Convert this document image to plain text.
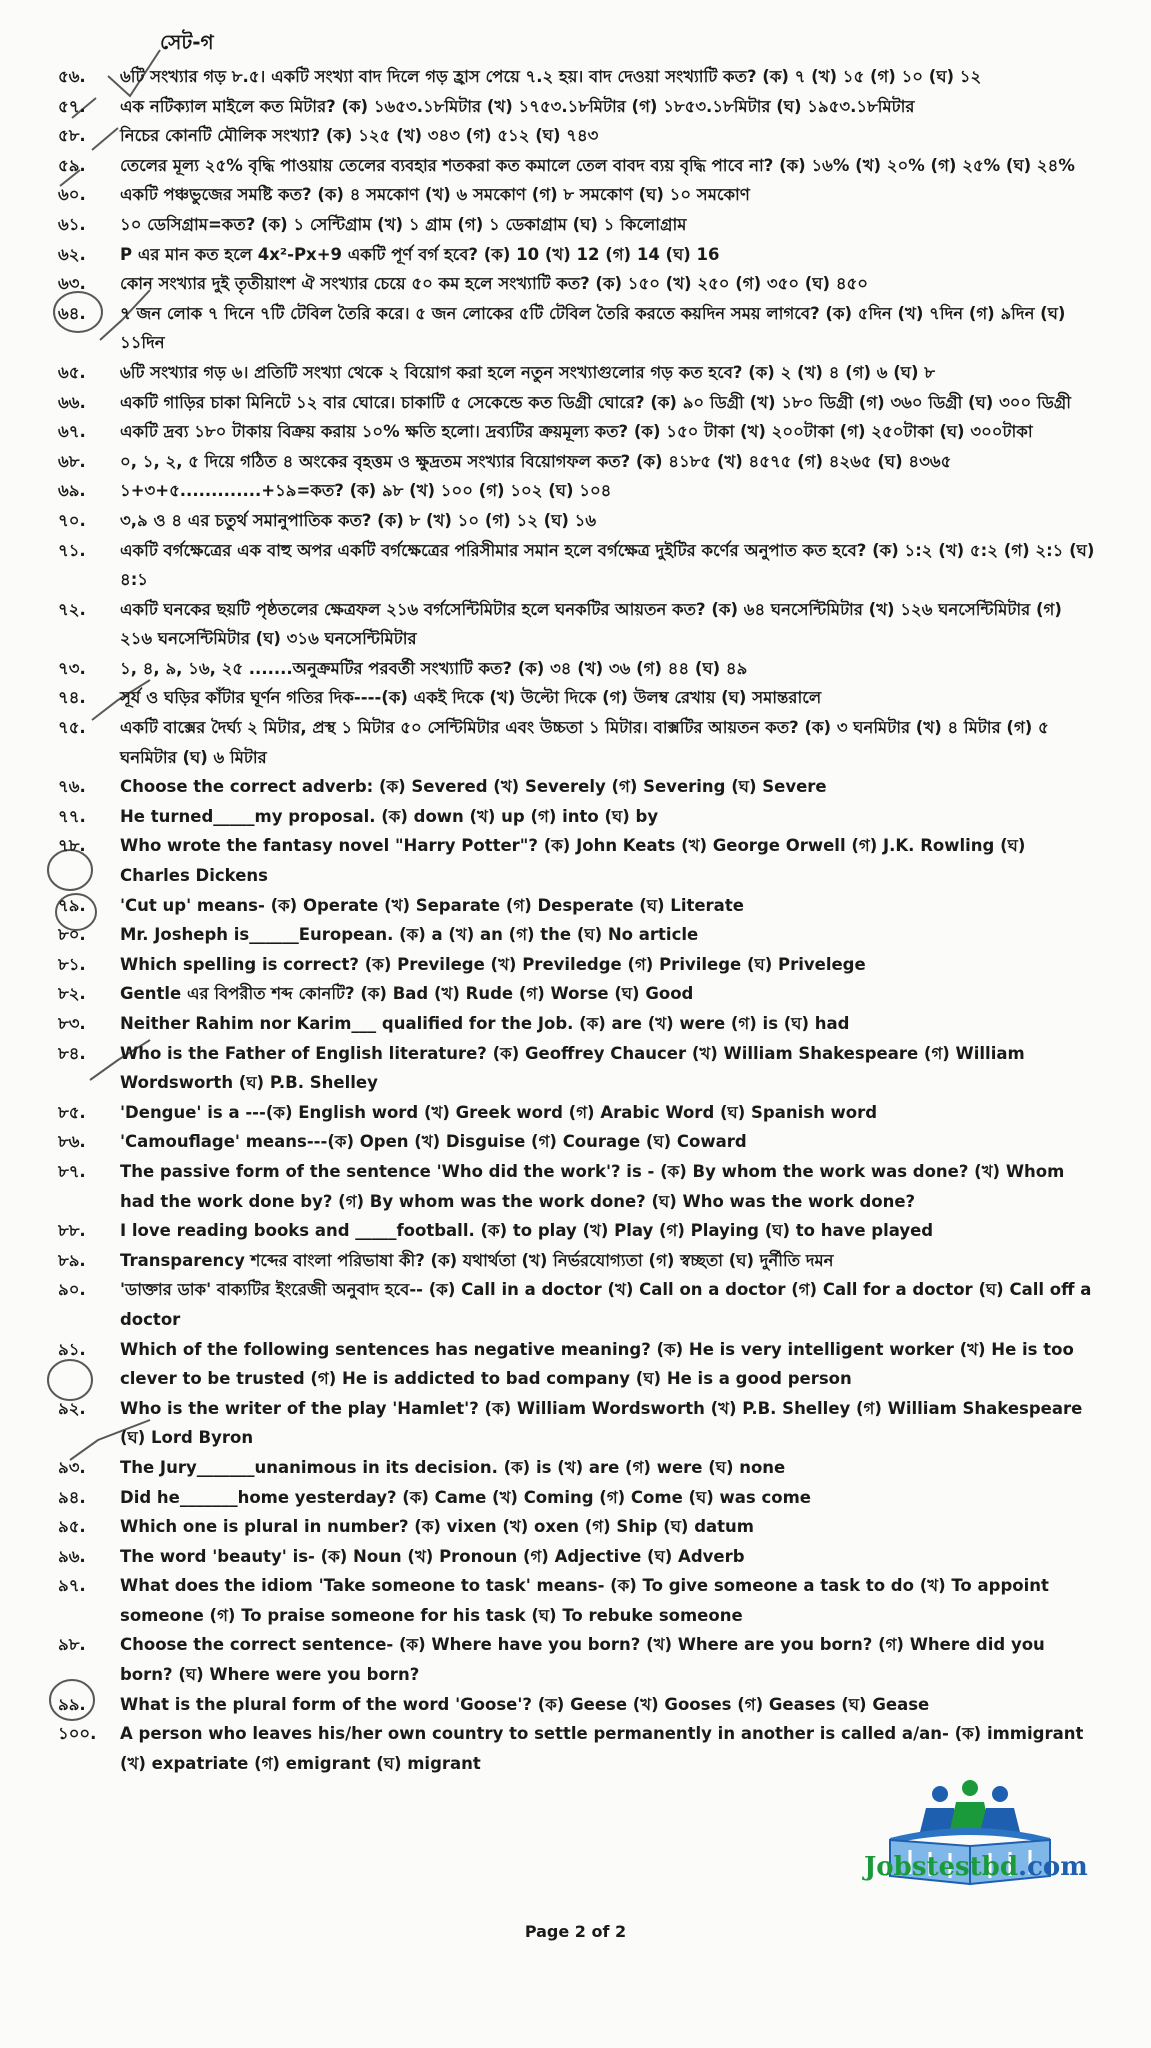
সেট-গ
৫৬.	৬টি সংখ্যার গড় ৮.৫। একটি সংখ্যা বাদ দিলে গড় হ্রাস পেয়ে ৭.২ হয়। বাদ দেওয়া সংখ্যাটি কত? (ক) ৭ (খ) ১৫ (গ) ১০ (ঘ) ১২
৫৭.	এক নটিক্যাল মাইলে কত মিটার? (ক) ১৬৫৩.১৮মিটার (খ) ১৭৫৩.১৮মিটার (গ) ১৮৫৩.১৮মিটার (ঘ) ১৯৫৩.১৮মিটার
৫৮.	নিচের কোনটি মৌলিক সংখ্যা? (ক) ১২৫ (খ) ৩৪৩ (গ) ৫১২ (ঘ) ৭৪৩
৫৯.	তেলের মূল্য ২৫% বৃদ্ধি পাওয়ায় তেলের ব্যবহার শতকরা কত কমালে তেল বাবদ ব্যয় বৃদ্ধি পাবে না? (ক) ১৬% (খ) ২০% (গ) ২৫% (ঘ) ২৪%
৬০.	একটি পঞ্চভুজের সমষ্টি কত? (ক) ৪ সমকোণ (খ) ৬ সমকোণ (গ) ৮ সমকোণ (ঘ) ১০ সমকোণ
৬১.	১০ ডেসিগ্রাম=কত? (ক) ১ সেন্টিগ্রাম (খ) ১ গ্রাম (গ) ১ ডেকাগ্রাম (ঘ) ১ কিলোগ্রাম
৬২.	P এর মান কত হলে 4x²-Px+9 একটি পূর্ণ বর্গ হবে? (ক) 10 (খ) 12 (গ) 14 (ঘ) 16
৬৩.	কোন সংখ্যার দুই তৃতীয়াংশ ঐ সংখ্যার চেয়ে ৫০ কম হলে সংখ্যাটি কত? (ক) ১৫০ (খ) ২৫০ (গ) ৩৫০ (ঘ) ৪৫০
৬৪.	৭ জন লোক ৭ দিনে ৭টি টেবিল তৈরি করে। ৫ জন লোকের ৫টি টেবিল তৈরি করতে কয়দিন সময় লাগবে? (ক) ৫দিন (খ) ৭দিন (গ) ৯দিন (ঘ) ১১দিন
৬৫.	৬টি সংখ্যার গড় ৬। প্রতিটি সংখ্যা থেকে ২ বিয়োগ করা হলে নতুন সংখ্যাগুলোর গড় কত হবে? (ক) ২ (খ) ৪ (গ) ৬ (ঘ) ৮
৬৬.	একটি গাড়ির চাকা মিনিটে ১২ বার ঘোরে। চাকাটি ৫ সেকেন্ডে কত ডিগ্রী ঘোরে? (ক) ৯০ ডিগ্রী (খ) ১৮০ ডিগ্রী (গ) ৩৬০ ডিগ্রী (ঘ) ৩০০ ডিগ্রী
৬৭.	একটি দ্রব্য ১৮০ টাকায় বিক্রয় করায় ১০% ক্ষতি হলো। দ্রব্যটির ক্রয়মূল্য কত? (ক) ১৫০ টাকা (খ) ২০০টাকা (গ) ২৫০টাকা (ঘ) ৩০০টাকা
৬৮.	০, ১, ২, ৫ দিয়ে গঠিত ৪ অংকের বৃহত্তম ও ক্ষুদ্রতম সংখ্যার বিয়োগফল কত? (ক) ৪১৮৫ (খ) ৪৫৭৫ (গ) ৪২৬৫ (ঘ) ৪৩৬৫
৬৯.	১+৩+৫.............+১৯=কত? (ক) ৯৮ (খ) ১০০ (গ) ১০২ (ঘ) ১০৪
৭০.	৩,৯ ও ৪ এর চতুর্থ সমানুপাতিক কত? (ক) ৮ (খ) ১০ (গ) ১২ (ঘ) ১৬
৭১.	একটি বর্গক্ষেত্রের এক বাহু অপর একটি বর্গক্ষেত্রের পরিসীমার সমান হলে বর্গক্ষেত্র দুইটির কর্ণের অনুপাত কত হবে? (ক) ১:২ (খ) ৫:২ (গ) ২:১ (ঘ) ৪:১
৭২.	একটি ঘনকের ছয়টি পৃষ্ঠতলের ক্ষেত্রফল ২১৬ বর্গসেন্টিমিটার হলে ঘনকটির আয়তন কত? (ক) ৬৪ ঘনসেন্টিমিটার (খ) ১২৬ ঘনসেন্টিমিটার (গ) ২১৬ ঘনসেন্টিমিটার (ঘ) ৩১৬ ঘনসেন্টিমিটার
৭৩.	১, ৪, ৯, ১৬, ২৫ .......অনুক্রমটির পরবর্তী সংখ্যাটি কত? (ক) ৩৪ (খ) ৩৬ (গ) ৪৪ (ঘ) ৪৯
৭৪.	সূর্য ও ঘড়ির কাঁটার ঘূর্ণন গতির দিক----(ক) একই দিকে (খ) উল্টো দিকে (গ) উলম্ব রেখায় (ঘ) সমান্তরালে
৭৫.	একটি বাক্সের দৈর্ঘ্য ২ মিটার, প্রস্থ ১ মিটার ৫০ সেন্টিমিটার এবং উচ্চতা ১ মিটার। বাক্সটির আয়তন কত? (ক) ৩ ঘনমিটার (খ) ৪ মিটার (গ) ৫ ঘনমিটার (ঘ) ৬ মিটার
৭৬.	Choose the correct adverb: (ক) Severed (খ) Severely (গ) Severing (ঘ) Severe
৭৭.	He turned_____my proposal. (ক) down (খ) up (গ) into (ঘ) by
৭৮.	Who wrote the fantasy novel "Harry Potter"? (ক) John Keats (খ) George Orwell (গ) J.K. Rowling (ঘ) Charles Dickens
৭৯.	'Cut up' means- (ক) Operate (খ) Separate (গ) Desperate (ঘ) Literate
৮০.	Mr. Josheph is______European. (ক) a (খ) an (গ) the (ঘ) No article
৮১.	Which spelling is correct? (ক) Previlege (খ) Previledge (গ) Privilege (ঘ) Privelege
৮২.	Gentle এর বিপরীত শব্দ কোনটি? (ক) Bad (খ) Rude (গ) Worse (ঘ) Good
৮৩.	Neither Rahim nor Karim___ qualified for the Job. (ক) are (খ) were (গ) is (ঘ) had
৮৪.	Who is the Father of English literature? (ক) Geoffrey Chaucer (খ) William Shakespeare (গ) William Wordsworth (ঘ) P.B. Shelley
৮৫.	'Dengue' is a ---(ক) English word (খ) Greek word (গ) Arabic Word (ঘ) Spanish word
৮৬.	'Camouflage' means---(ক) Open (খ) Disguise (গ) Courage (ঘ) Coward
৮৭.	The passive form of the sentence 'Who did the work'? is - (ক) By whom the work was done? (খ) Whom had the work done by? (গ) By whom was the work done? (ঘ) Who was the work done?
৮৮.	I love reading books and _____football. (ক) to play (খ) Play (গ) Playing (ঘ) to have played
৮৯.	Transparency শব্দের বাংলা পরিভাষা কী? (ক) যথার্থতা (খ) নির্ভরযোগ্যতা (গ) স্বচ্ছতা (ঘ) দুর্নীতি দমন
৯০.	'ডাক্তার ডাক' বাক্যটির ইংরেজী অনুবাদ হবে-- (ক) Call in a doctor (খ) Call on a doctor (গ) Call for a doctor (ঘ) Call off a doctor
৯১.	Which of the following sentences has negative meaning? (ক) He is very intelligent worker (খ) He is too clever to be trusted (গ) He is addicted to bad company (ঘ) He is a good person
৯২.	Who is the writer of the play 'Hamlet'? (ক) William Wordsworth (খ) P.B. Shelley (গ) William Shakespeare (ঘ) Lord Byron
৯৩.	The Jury_______unanimous in its decision. (ক) is (খ) are (গ) were (ঘ) none
৯৪.	Did he_______home yesterday? (ক) Came (খ) Coming (গ) Come (ঘ) was come
৯৫.	Which one is plural in number? (ক) vixen (খ) oxen (গ) Ship (ঘ) datum
৯৬.	The word 'beauty' is- (ক) Noun (খ) Pronoun (গ) Adjective (ঘ) Adverb
৯৭.	What does the idiom 'Take someone to task' means- (ক) To give someone a task to do (খ) To appoint someone (গ) To praise someone for his task (ঘ) To rebuke someone
৯৮.	Choose the correct sentence- (ক) Where have you born? (খ) Where are you born? (গ) Where did you born? (ঘ) Where were you born?
৯৯.	What is the plural form of the word 'Goose'? (ক) Geese (খ) Gooses (গ) Geases (ঘ) Gease
১০০.	A person who leaves his/her own country to settle permanently in another is called a/an- (ক) immigrant (খ) expatriate (গ) emigrant (ঘ) migrant
Jobstestbd.com
Page 2 of 2
